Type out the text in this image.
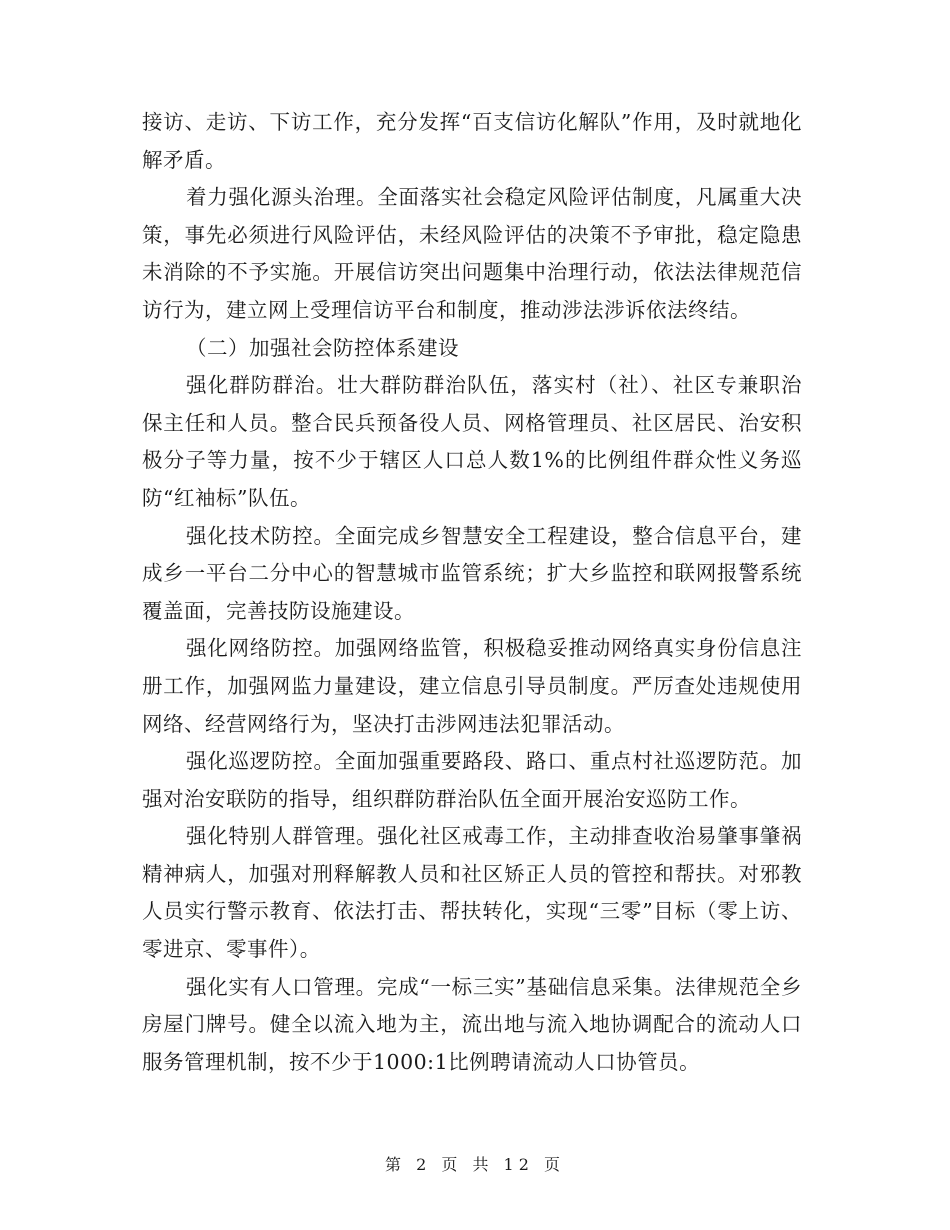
接访、走访、下访工作，充分发挥“百支信访化解队”作用，及时就地化解矛盾。

着力强化源头治理。全面落实社会稳定风险评估制度，凡属重大决策，事先必须进行风险评估，未经风险评估的决策不予审批，稳定隐患未消除的不予实施。开展信访突出问题集中治理行动，依法法律规范信访行为，建立网上受理信访平台和制度，推动涉法涉诉依法终结。

（二）加强社会防控体系建设

强化群防群治。壮大群防群治队伍，落实村（社）、社区专兼职治保主任和人员。整合民兵预备役人员、网格管理员、社区居民、治安积极分子等力量，按不少于辖区人口总人数1%的比例组件群众性义务巡防“红袖标”队伍。

强化技术防控。全面完成乡智慧安全工程建设，整合信息平台，建成乡一平台二分中心的智慧城市监管系统；扩大乡监控和联网报警系统覆盖面，完善技防设施建设。

强化网络防控。加强网络监管，积极稳妥推动网络真实身份信息注册工作，加强网监力量建设，建立信息引导员制度。严厉查处违规使用网络、经营网络行为，坚决打击涉网违法犯罪活动。

强化巡逻防控。全面加强重要路段、路口、重点村社巡逻防范。加强对治安联防的指导，组织群防群治队伍全面开展治安巡防工作。

强化特别人群管理。强化社区戒毒工作，主动排查收治易肇事肇祸精神病人，加强对刑释解教人员和社区矫正人员的管控和帮扶。对邪教人员实行警示教育、依法打击、帮扶转化，实现“三零”目标（零上访、零进京、零事件）。

强化实有人口管理。完成“一标三实”基础信息采集。法律规范全乡房屋门牌号。健全以流入地为主，流出地与流入地协调配合的流动人口服务管理机制，按不少于1000:1比例聘请流动人口协管员。

第 2 页 共 12 页
